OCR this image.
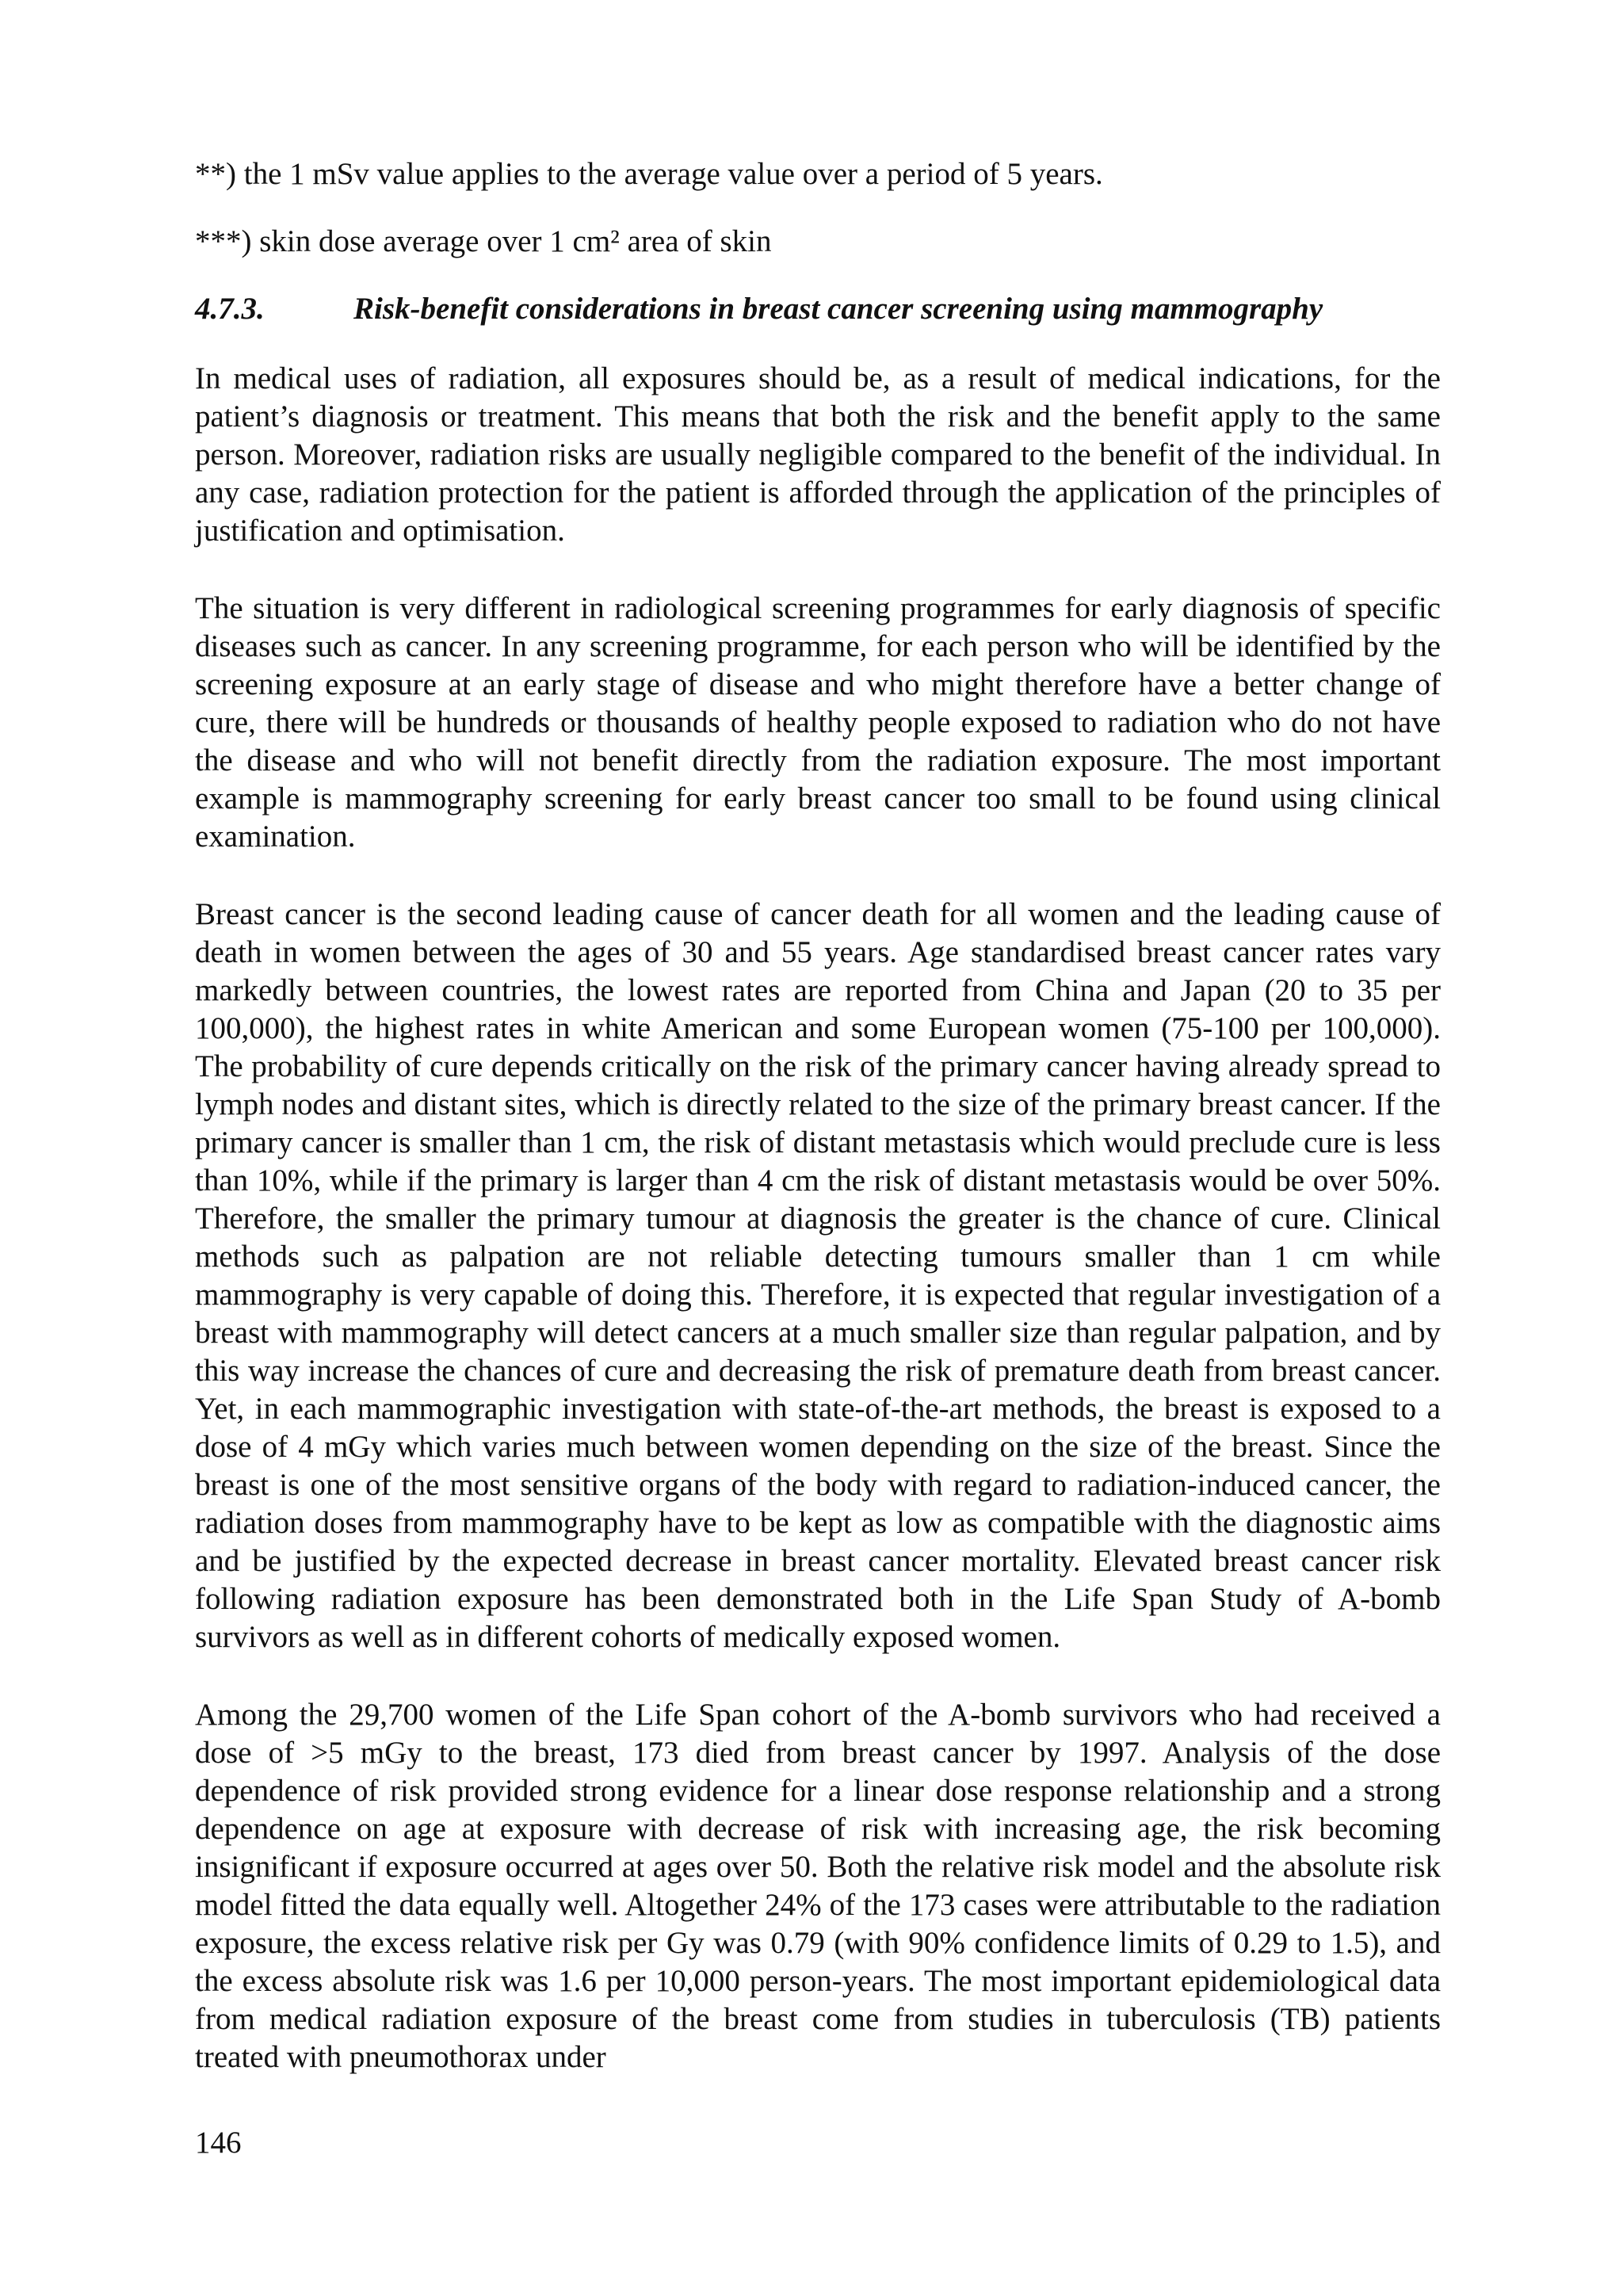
**) the 1 mSv value applies to the average value over a period of 5 years.

***) skin dose average over 1 cm² area of skin

4.7.3.	Risk-benefit considerations in breast cancer screening using mammography

In medical uses of radiation, all exposures should be, as a result of medical indications, for the patient’s diagnosis or treatment. This means that both the risk and the benefit apply to the same person. Moreover, radiation risks are usually negligible compared to the benefit of the individual. In any case, radiation protection for the patient is afforded through the application of the principles of justification and optimisation.

The situation is very different in radiological screening programmes for early diagnosis of specific diseases such as cancer. In any screening programme, for each person who will be identified by the screening exposure at an early stage of disease and who might therefore have a better change of cure, there will be hundreds or thousands of healthy people exposed to radiation who do not have the disease and who will not benefit directly from the radiation exposure. The most important example is mammography screening for early breast cancer too small to be found using clinical examination.

Breast cancer is the second leading cause of cancer death for all women and the leading cause of death in women between the ages of 30 and 55 years. Age standardised breast cancer rates vary markedly between countries, the lowest rates are reported from China and Japan (20 to 35 per 100,000), the highest rates in white American and some European women (75-100 per 100,000). The probability of cure depends critically on the risk of the primary cancer having already spread to lymph nodes and distant sites, which is directly related to the size of the primary breast cancer. If the primary cancer is smaller than 1 cm, the risk of distant metastasis which would preclude cure is less than 10%, while if the primary is larger than 4 cm the risk of distant metastasis would be over 50%. Therefore, the smaller the primary tumour at diagnosis the greater is the chance of cure. Clinical methods such as palpation are not reliable detecting tumours smaller than 1 cm while mammography is very capable of doing this. Therefore, it is expected that regular investigation of a breast with mammography will detect cancers at a much smaller size than regular palpation, and by this way increase the chances of cure and decreasing the risk of premature death from breast cancer. Yet, in each mammographic investigation with state-of-the-art methods, the breast is exposed to a dose of 4 mGy which varies much between women depending on the size of the breast. Since the breast is one of the most sensitive organs of the body with regard to radiation-induced cancer, the radiation doses from mammography have to be kept as low as compatible with the diagnostic aims and be justified by the expected decrease in breast cancer mortality. Elevated breast cancer risk following radiation exposure has been demonstrated both in the Life Span Study of A-bomb survivors as well as in different cohorts of medically exposed women.

Among the 29,700 women of the Life Span cohort of the A-bomb survivors who had received a dose of >5 mGy to the breast, 173 died from breast cancer by 1997. Analysis of the dose dependence of risk provided strong evidence for a linear dose response relationship and a strong dependence on age at exposure with decrease of risk with increasing age, the risk becoming insignificant if exposure occurred at ages over 50. Both the relative risk model and the absolute risk model fitted the data equally well. Altogether 24% of the 173 cases were attributable to the radiation exposure, the excess relative risk per Gy was 0.79 (with 90% confidence limits of 0.29 to 1.5), and the excess absolute risk was 1.6 per 10,000 person-years. The most important epidemiological data from medical radiation exposure of the breast come from studies in tuberculosis (TB) patients treated with pneumothorax under

146
